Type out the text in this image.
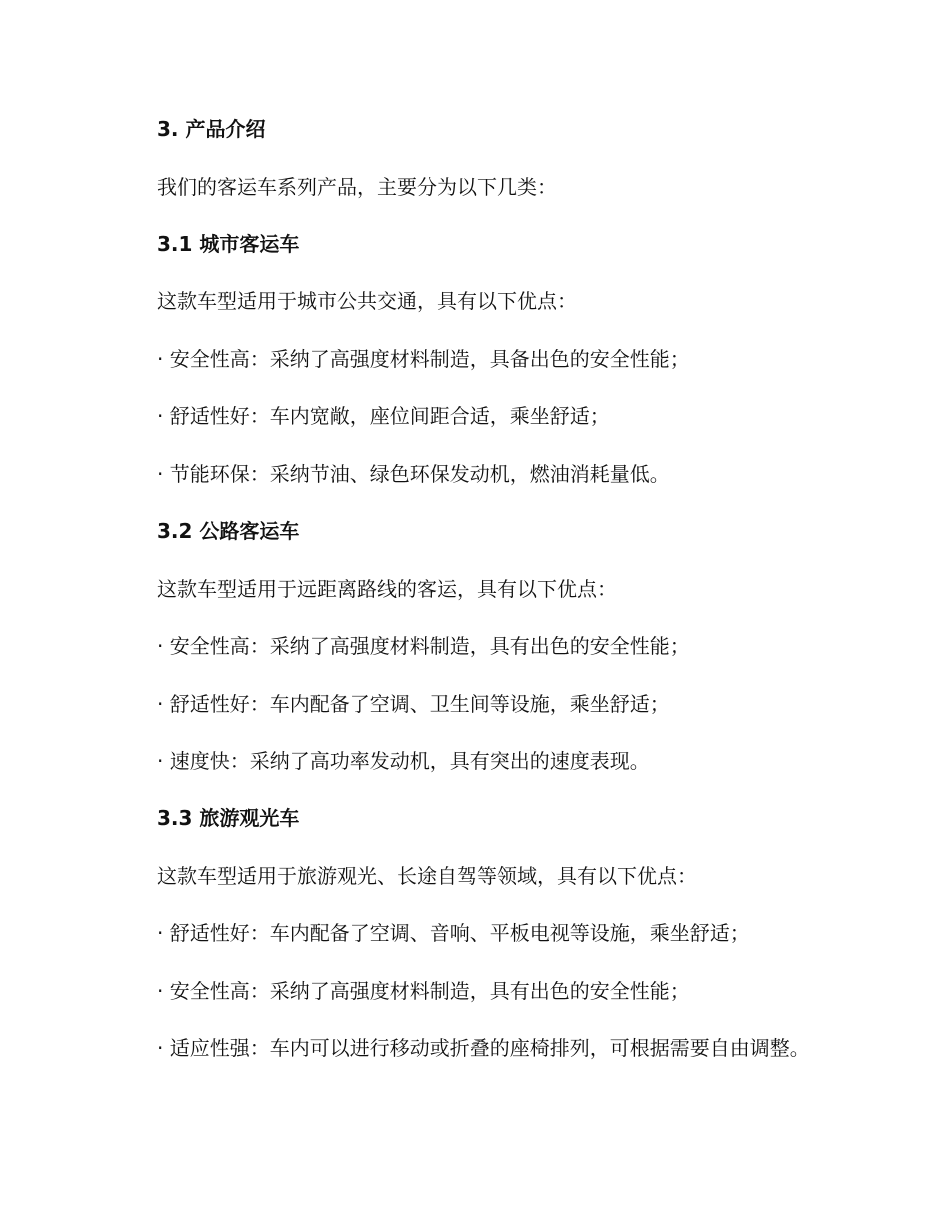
3. 产品介绍
我们的客运车系列产品，主要分为以下几类：
3.1 城市客运车
这款车型适用于城市公共交通，具有以下优点：
· 安全性高：采纳了高强度材料制造，具备出色的安全性能；
· 舒适性好：车内宽敞，座位间距合适，乘坐舒适；
· 节能环保：采纳节油、绿色环保发动机，燃油消耗量低。
3.2 公路客运车
这款车型适用于远距离路线的客运，具有以下优点：
· 安全性高：采纳了高强度材料制造，具有出色的安全性能；
· 舒适性好：车内配备了空调、卫生间等设施，乘坐舒适；
· 速度快：采纳了高功率发动机，具有突出的速度表现。
3.3 旅游观光车
这款车型适用于旅游观光、长途自驾等领域，具有以下优点：
· 舒适性好：车内配备了空调、音响、平板电视等设施，乘坐舒适；
· 安全性高：采纳了高强度材料制造，具有出色的安全性能；
· 适应性强：车内可以进行移动或折叠的座椅排列，可根据需要自由调整。
